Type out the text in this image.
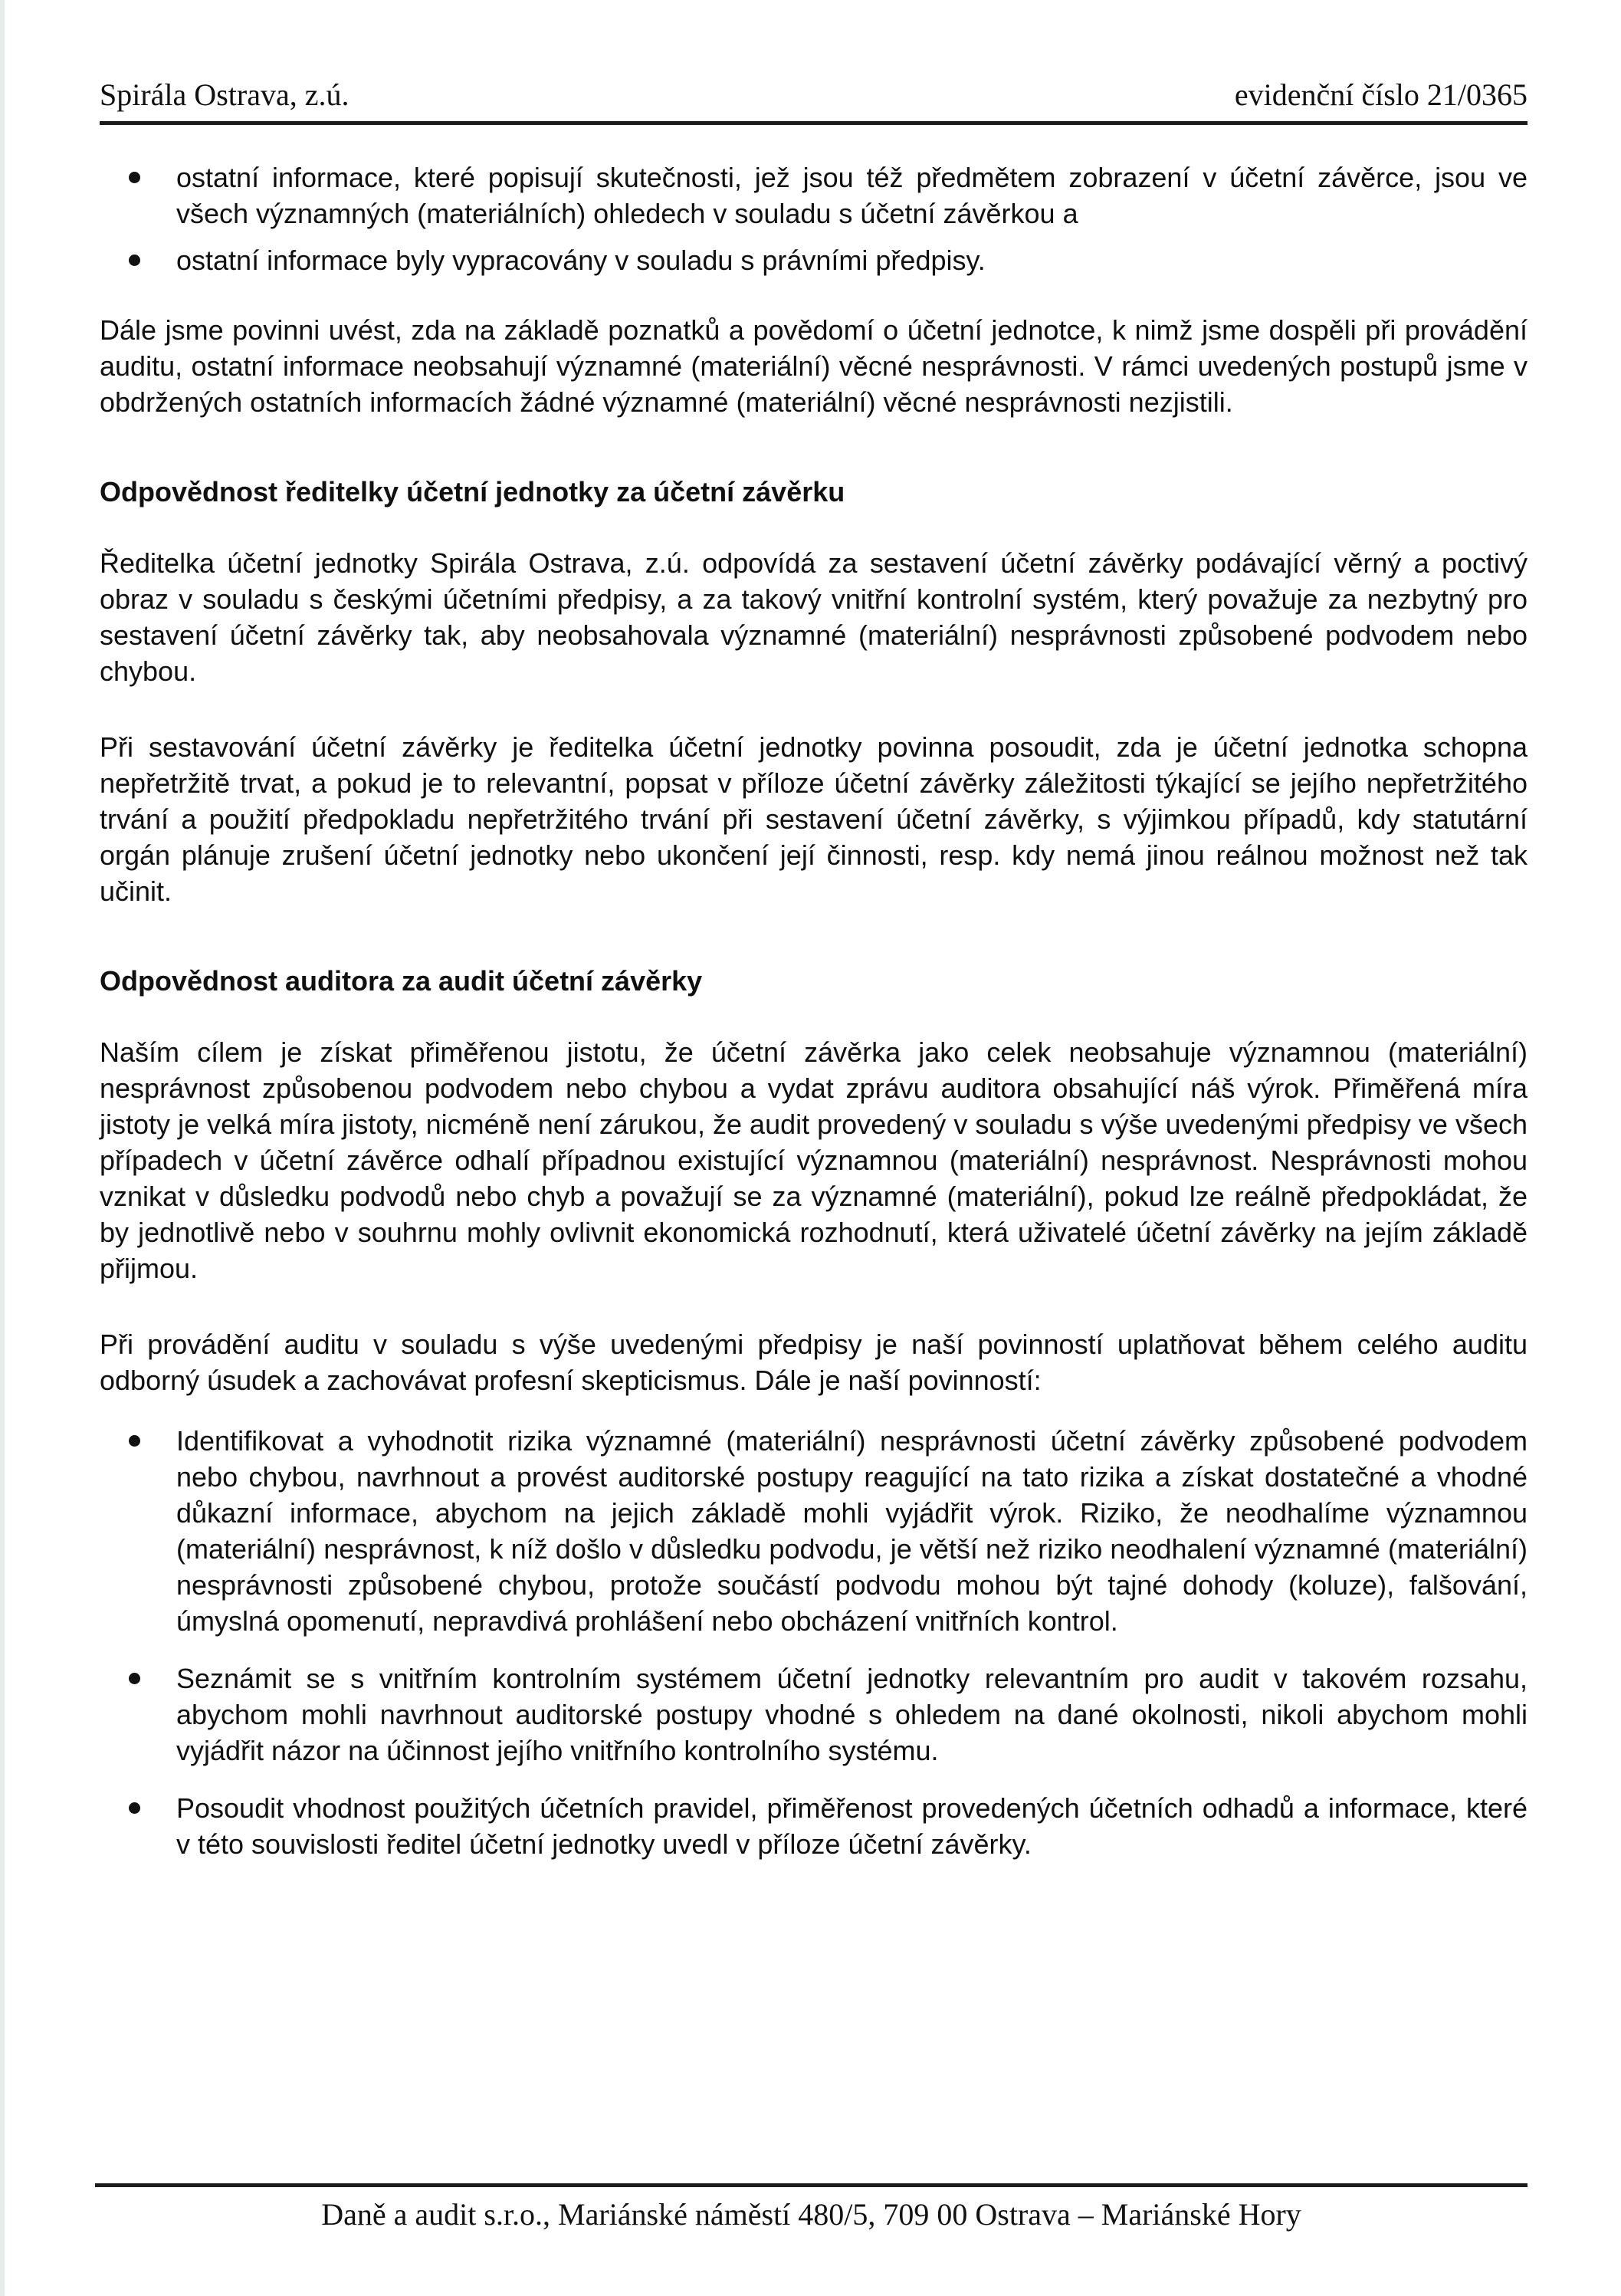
Spirála Ostrava, z.ú.	evidenční číslo 21/0365
ostatní informace, které popisují skutečnosti, jež jsou též předmětem zobrazení v účetní závěrce, jsou ve všech významných (materiálních) ohledech v souladu s účetní závěrkou a
ostatní informace byly vypracovány v souladu s právními předpisy.

Dále jsme povinni uvést, zda na základě poznatků a povědomí o účetní jednotce, k nimž jsme dospěli při provádění auditu, ostatní informace neobsahují významné (materiální) věcné nesprávnosti. V rámci uvedených postupů jsme v obdržených ostatních informacích žádné významné (materiální) věcné nesprávnosti nezjistili.

Odpovědnost ředitelky účetní jednotky za účetní závěrku

Ředitelka účetní jednotky Spirála Ostrava, z.ú. odpovídá za sestavení účetní závěrky podávající věrný a poctivý obraz v souladu s českými účetními předpisy, a za takový vnitřní kontrolní systém, který považuje za nezbytný pro sestavení účetní závěrky tak, aby neobsahovala významné (materiální) nesprávnosti způsobené podvodem nebo chybou.

Při sestavování účetní závěrky je ředitelka účetní jednotky povinna posoudit, zda je účetní jednotka schopna nepřetržitě trvat, a pokud je to relevantní, popsat v příloze účetní závěrky záležitosti týkající se jejího nepřetržitého trvání a použití předpokladu nepřetržitého trvání při sestavení účetní závěrky, s výjimkou případů, kdy statutární orgán plánuje zrušení účetní jednotky nebo ukončení její činnosti, resp. kdy nemá jinou reálnou možnost než tak učinit.

Odpovědnost auditora za audit účetní závěrky

Naším cílem je získat přiměřenou jistotu, že účetní závěrka jako celek neobsahuje významnou (materiální) nesprávnost způsobenou podvodem nebo chybou a vydat zprávu auditora obsahující náš výrok. Přiměřená míra jistoty je velká míra jistoty, nicméně není zárukou, že audit provedený v souladu s výše uvedenými předpisy ve všech případech v účetní závěrce odhalí případnou existující významnou (materiální) nesprávnost. Nesprávnosti mohou vznikat v důsledku podvodů nebo chyb a považují se za významné (materiální), pokud lze reálně předpokládat, že by jednotlivě nebo v souhrnu mohly ovlivnit ekonomická rozhodnutí, která uživatelé účetní závěrky na jejím základě přijmou.

Při provádění auditu v souladu s výše uvedenými předpisy je naší povinností uplatňovat během celého auditu odborný úsudek a zachovávat profesní skepticismus. Dále je naší povinností:

Identifikovat a vyhodnotit rizika významné (materiální) nesprávnosti účetní závěrky způsobené podvodem nebo chybou, navrhnout a provést auditorské postupy reagující na tato rizika a získat dostatečné a vhodné důkazní informace, abychom na jejich základě mohli vyjádřit výrok. Riziko, že neodhalíme významnou (materiální) nesprávnost, k níž došlo v důsledku podvodu, je větší než riziko neodhalení významné (materiální) nesprávnosti způsobené chybou, protože součástí podvodu mohou být tajné dohody (koluze), falšování, úmyslná opomenutí, nepravdivá prohlášení nebo obcházení vnitřních kontrol.
Seznámit se s vnitřním kontrolním systémem účetní jednotky relevantním pro audit v takovém rozsahu, abychom mohli navrhnout auditorské postupy vhodné s ohledem na dané okolnosti, nikoli abychom mohli vyjádřit názor na účinnost jejího vnitřního kontrolního systému.
Posoudit vhodnost použitých účetních pravidel, přiměřenost provedených účetních odhadů a informace, které v této souvislosti ředitel účetní jednotky uvedl v příloze účetní závěrky.
Daně a audit s.r.o., Mariánské náměstí 480/5, 709 00 Ostrava – Mariánské Hory
